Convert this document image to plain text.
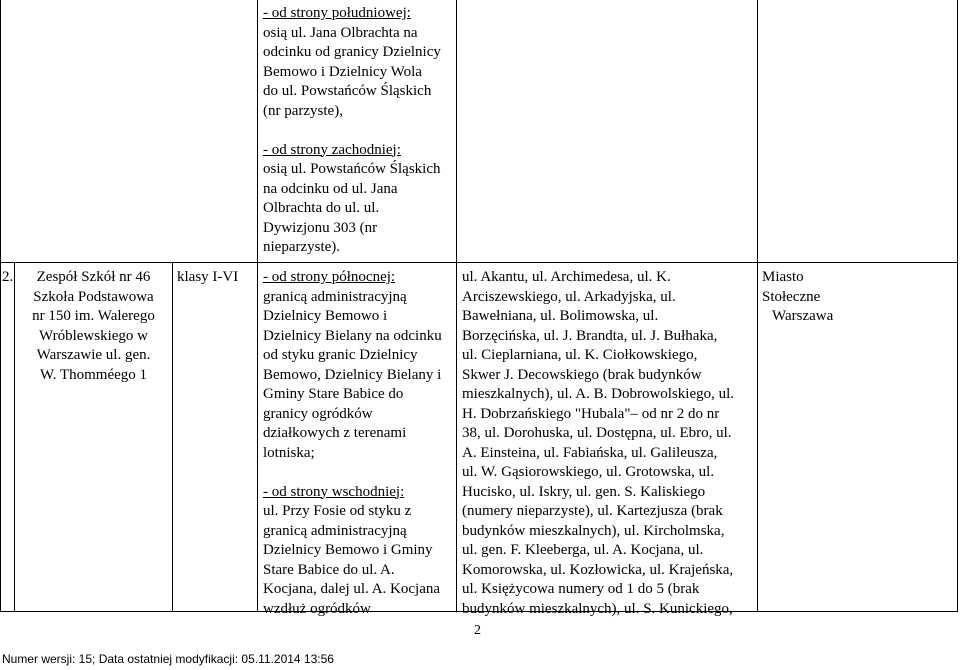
- od strony południowej:
osią ul. Jana Olbrachta na
odcinku od granicy Dzielnicy
Bemowo i Dzielnicy Wola
do ul. Powstańców Śląskich
(nr parzyste),
- od strony zachodniej:
osią ul. Powstańców Śląskich
na odcinku od ul. Jana
Olbrachta do ul. ul.
Dywizjonu 303 (nr
nieparzyste).
2.	Zespół Szkół nr 46
Szkoła Podstawowa
nr 150 im. Walerego
Wróblewskiego w
Warszawie ul. gen.
W. Thomméego 1
klasy I-VI - od strony północnej:
granicą administracyjną
Dzielnicy Bemowo i
Dzielnicy Bielany na odcinku
od styku granic Dzielnicy
Bemowo, Dzielnicy Bielany i
Gminy Stare Babice do
granicy ogródków
działkowych z terenami
lotniska;
- od strony wschodniej:
ul. Przy Fosie od styku z
granicą administracyjną
Dzielnicy Bemowo i Gminy
Stare Babice do ul. A.
Kocjana, dalej ul. A. Kocjana
wzdłuż ogródków
ul. Akantu, ul. Archimedesa, ul. K.
Arciszewskiego, ul. Arkadyjska, ul.
Bawełniana, ul. Bolimowska, ul.
Borzęcińska, ul. J. Brandta, ul. J. Bułhaka,
ul. Cieplarniana, ul. K. Ciołkowskiego,
Skwer J. Decowskiego (brak budynków
mieszkalnych), ul. A. B. Dobrowolskiego, ul.
H. Dobrzańskiego "Hubala"– od nr 2 do nr
38, ul. Dorohuska, ul. Dostępna, ul. Ebro, ul.
A. Einsteina, ul. Fabiańska, ul. Galileusza,
ul. W. Gąsiorowskiego, ul. Grotowska, ul.
Hucisko, ul. Iskry, ul. gen. S. Kaliskiego
(numery nieparzyste), ul. Kartezjusza (brak
budynków mieszkalnych), ul. Kircholmska,
ul. gen. F. Kleeberga, ul. A. Kocjana, ul.
Komorowska, ul. Kozłowicka, ul. Krajeńska,
ul. Księżycowa numery od 1 do 5 (brak
budynków mieszkalnych), ul. S. Kunickiego,
Miasto
Stołeczne
Warszawa
2
Numer wersji: 15; Data ostatniej modyfikacji: 05.11.2014 13:56
